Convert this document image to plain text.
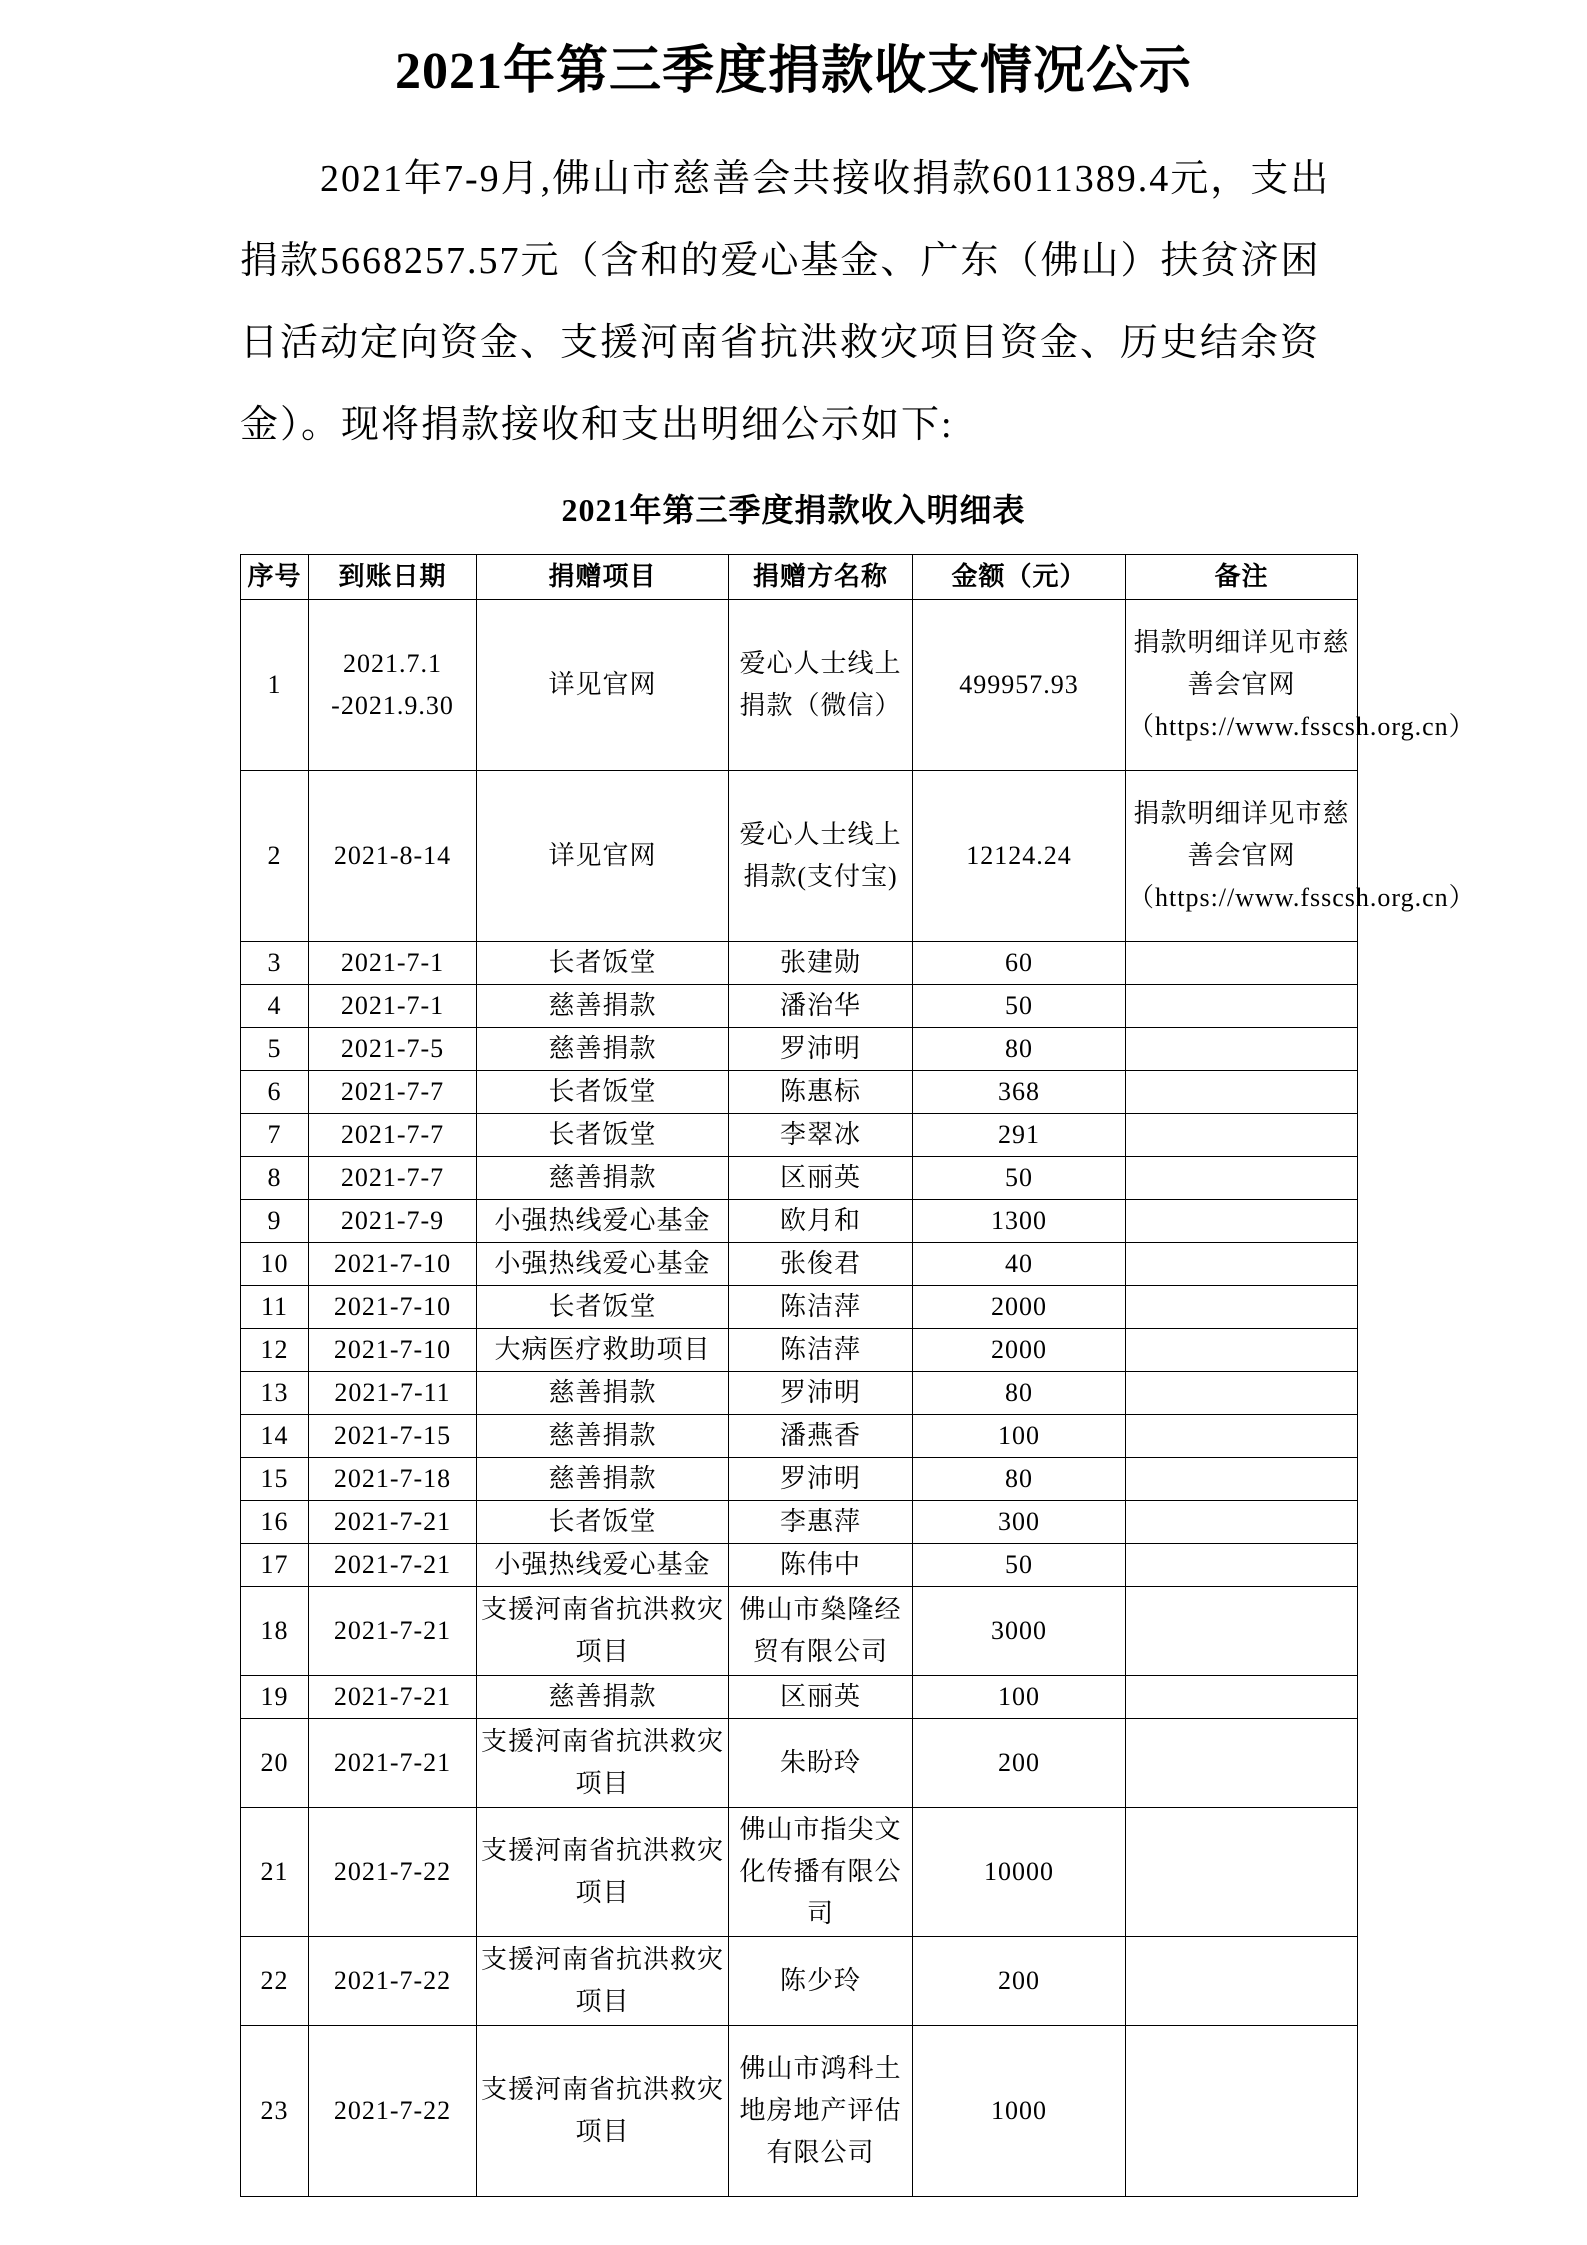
2021年第三季度捐款收支情况公示

2021年7-9月,佛山市慈善会共接收捐款6011389.4元，支出捐款5668257.57元（含和的爱心基金、广东（佛山）扶贫济困日活动定向资金、支援河南省抗洪救灾项目资金、历史结余资金）。现将捐款接收和支出明细公示如下:

2021年第三季度捐款收入明细表
序号	到账日期	捐赠项目	捐赠方名称	金额（元）	备注
1	2021.7.1 -2021.9.30	详见官网	爱心人士线上捐款（微信）	499957.93	捐款明细详见市慈善会官网（https://www.fsscsh.org.cn）
2	2021-8-14	详见官网	爱心人士线上捐款(支付宝)	12124.24	捐款明细详见市慈善会官网（https://www.fsscsh.org.cn）
3	2021-7-1	长者饭堂	张建勋	60	
4	2021-7-1	慈善捐款	潘治华	50	
5	2021-7-5	慈善捐款	罗沛明	80	
6	2021-7-7	长者饭堂	陈惠标	368	
7	2021-7-7	长者饭堂	李翠冰	291	
8	2021-7-7	慈善捐款	区丽英	50	
9	2021-7-9	小强热线爱心基金	欧月和	1300	
10	2021-7-10	小强热线爱心基金	张俊君	40	
11	2021-7-10	长者饭堂	陈洁萍	2000	
12	2021-7-10	大病医疗救助项目	陈洁萍	2000	
13	2021-7-11	慈善捐款	罗沛明	80	
14	2021-7-15	慈善捐款	潘燕香	100	
15	2021-7-18	慈善捐款	罗沛明	80	
16	2021-7-21	长者饭堂	李惠萍	300	
17	2021-7-21	小强热线爱心基金	陈伟中	50	
18	2021-7-21	支援河南省抗洪救灾项目	佛山市燊隆经贸有限公司	3000	
19	2021-7-21	慈善捐款	区丽英	100	
20	2021-7-21	支援河南省抗洪救灾项目	朱盼玲	200	
21	2021-7-22	支援河南省抗洪救灾项目	佛山市指尖文化传播有限公司	10000	
22	2021-7-22	支援河南省抗洪救灾项目	陈少玲	200	
23	2021-7-22	支援河南省抗洪救灾项目	佛山市鸿科土地房地产评估有限公司	1000	
